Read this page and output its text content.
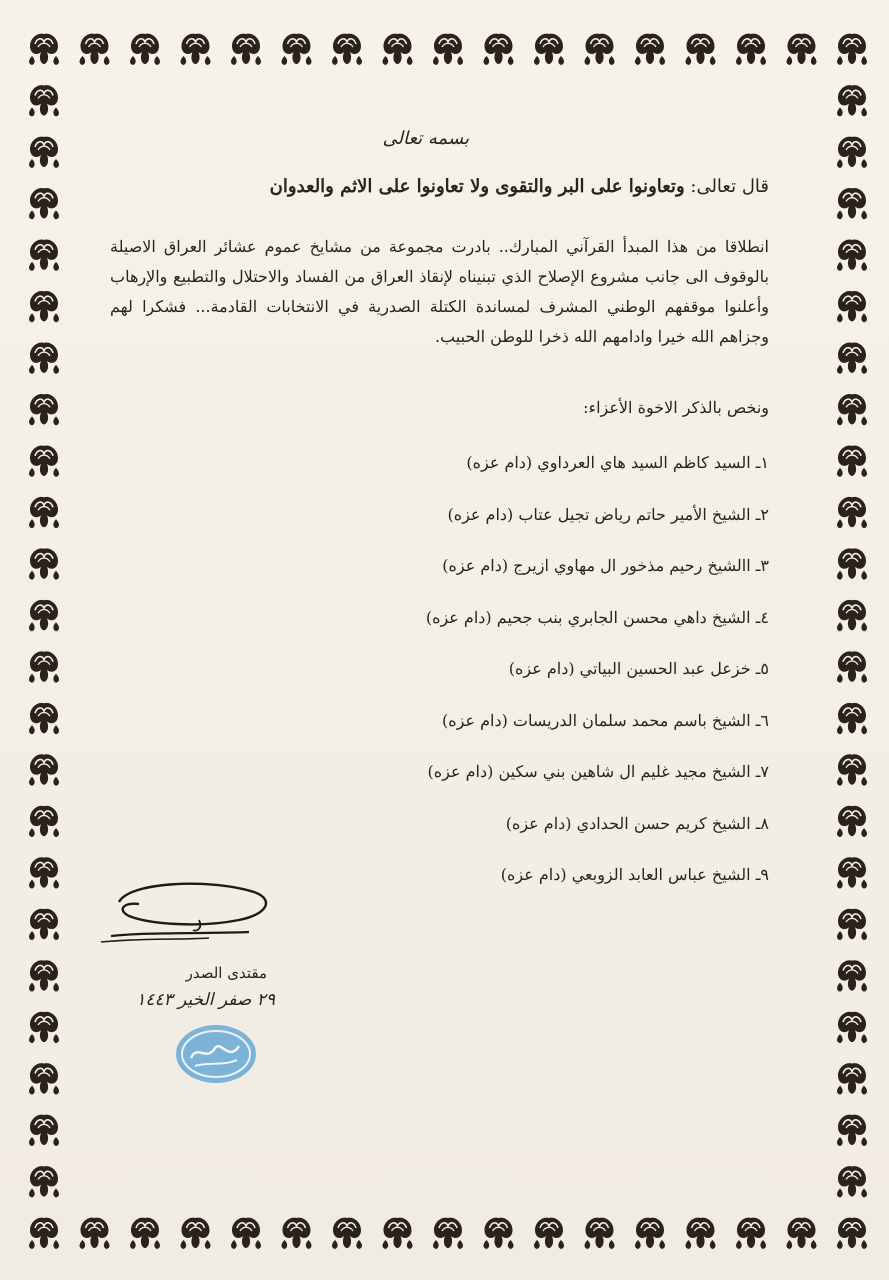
بسمه تعالى
قال تعالى: وتعاونوا على البر والتقوى ولا تعاونوا على الاثم والعدوان
انطلاقا من هذا المبدأ القرآني المبارك.. بادرت مجموعة من مشايخ عموم عشائر العراق الاصيلة بالوقوف الى جانب مشروع الإصلاح الذي تبنيناه لإنقاذ العراق من الفساد والاحتلال والتطبيع والإرهاب وأعلنوا موقفهم الوطني المشرف لمساندة الكتلة الصدرية في الانتخابات القادمة... فشكرا لهم وجزاهم الله خيرا وادامهم الله ذخرا للوطن الحبيب.
ونخص بالذكر الاخوة الأعزاء:
١ـ السيد كاظم السيد هاي العرداوي (دام عزه)
٢ـ الشيخ الأمير حاتم رياض تجيل عتاب (دام عزه)
٣ـ االشيخ رحيم مذخور ال مهاوي ازيرج (دام عزه)
٤ـ الشيخ داهي محسن الجابري بنب جحيم (دام عزه)
٥ـ خزعل عبد الحسين البياتي (دام عزه)
٦ـ الشيخ باسم محمد سلمان الدريسات (دام عزه)
٧ـ الشيخ مجيد غليم ال شاهين بني سكين (دام عزه)
٨ـ الشيخ كريم حسن الحدادي (دام عزه)
٩ـ الشيخ عباس العابد الزوبعي (دام عزه)
مقتدى الصدر
٢٩ صفر الخير ١٤٤٣
